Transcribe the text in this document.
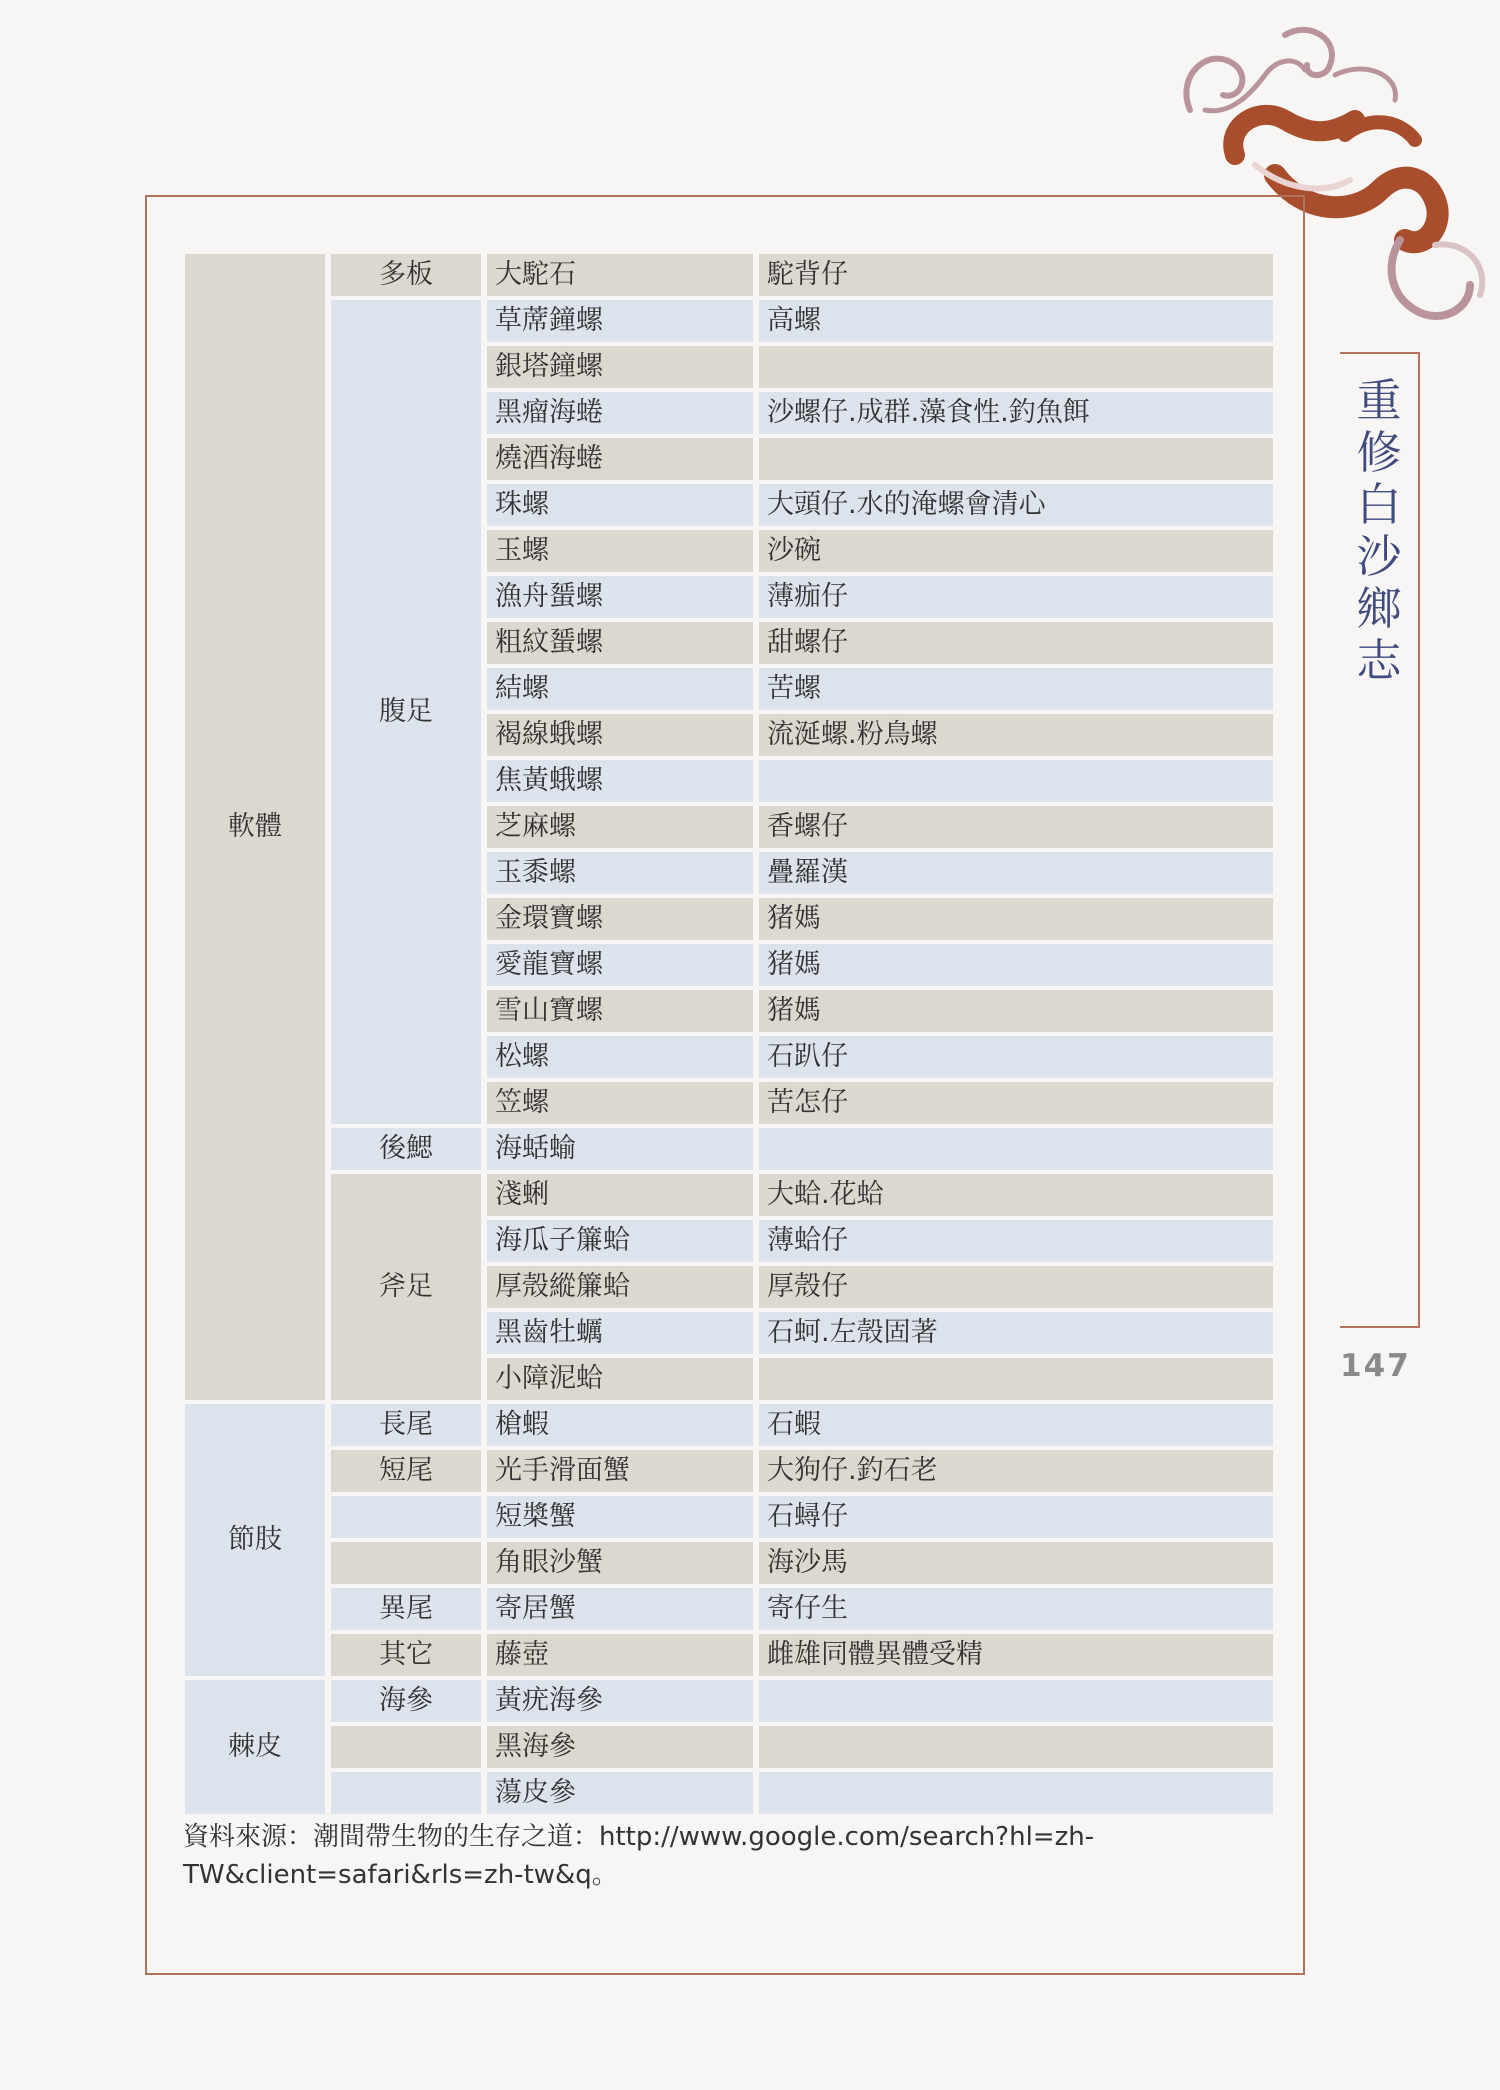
重修白沙鄉志
147
軟體		多板		大駝石		駝背仔
		腹足		草蓆鐘螺		高螺
				銀塔鐘螺		
				黑瘤海蜷		沙螺仔.成群.藻食性.釣魚餌
				燒酒海蜷		
				珠螺		大頭仔.水的淹螺會清心
				玉螺		沙碗
				漁舟蜑螺		薄痂仔
				粗紋蜑螺		甜螺仔
				結螺		苦螺
				褐線蛾螺		流涎螺.粉鳥螺
				焦黃蛾螺		
				芝麻螺		香螺仔
				玉黍螺		疊羅漢
				金環寶螺		猪媽
				愛龍寶螺		猪媽
				雪山寶螺		猪媽
				松螺		石趴仔
				笠螺		苦怎仔
		後鰓		海蛞蝓		
		斧足		淺蜊		大蛤.花蛤
				海瓜子簾蛤		薄蛤仔
				厚殼縱簾蛤		厚殼仔
				黑齒牡蠣		石蚵.左殼固著
				小障泥蛤		
節肢		長尾		槍蝦		石蝦
		短尾		光手滑面蟹		大狗仔.釣石老
				短槳蟹		石蟳仔
				角眼沙蟹		海沙馬
		異尾		寄居蟹		寄仔生
		其它		藤壺		雌雄同體異體受精
棘皮		海參		黃疣海參		
				黑海參		
				蕩皮參		
資料來源：潮間帶生物的生存之道：http://www.google.com/search?hl=zh-TW&client=safari&rls=zh-tw&q。
